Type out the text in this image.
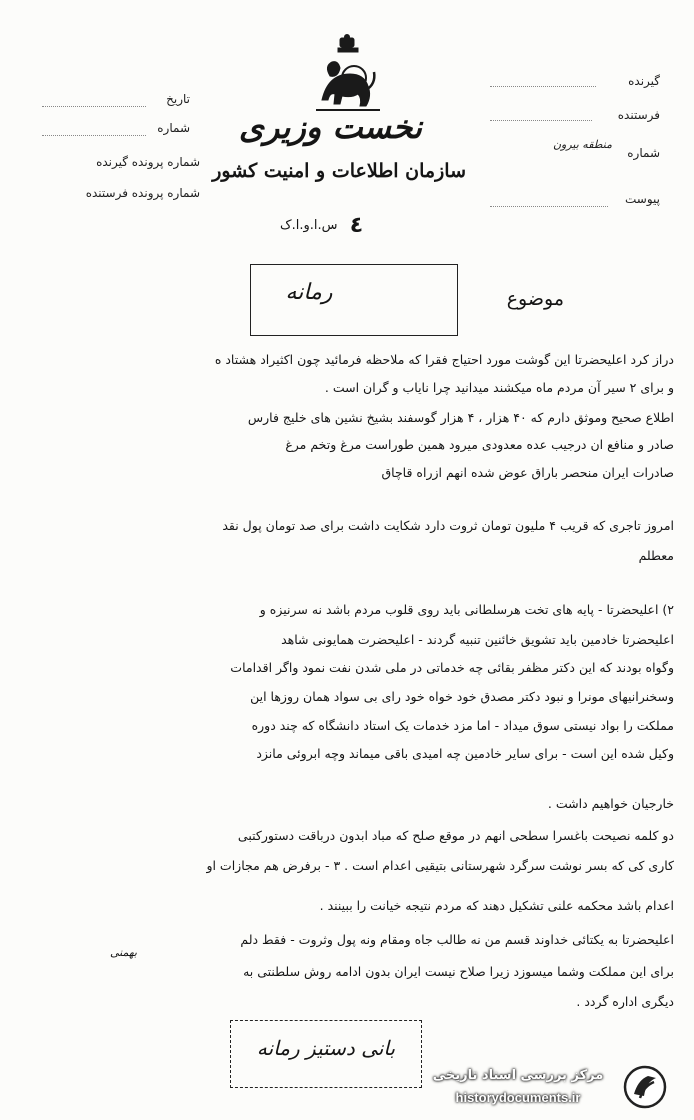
نخست وزیری
سازمان اطلاعات و امنیت کشور
٤ س.ا.و.ا.ک
تاریخ
شماره
شماره پرونده گیرنده
شماره پرونده فرستنده
گیرنده
فرستنده
شماره
منطقه بیرون
پیوست
موضوع
رمانه
دراز کرد اعلیحضرتا این گوشت مورد احتیاج فقرا که ملاحظه فرمائید چون اکثیراد هشتاد ه
و برای ۲ سیر آن مردم ماه میکشند میدانید چرا نایاب و گران است .
اطلاع صحیح وموثق دارم که ۴۰ هزار ، ۴ هزار گوسفند بشیخ نشین های خلیج فارس
صادر و منافع ان درجیب عده معدودی میرود همین طوراست مرغ وتخم مرغ
صادرات ایران منحصر باراق عوض شده انهم ازراه قاچاق
امروز تاجری که قریب ۴ ملیون تومان ثروت دارد شکایت داشت برای صد تومان پول نقد
معطلم
۲) اعلیحضرتا - پایه های تخت هرسلطانی باید روی قلوب مردم باشد نه سرنیزه و
اعلیحضرتا خادمین باید تشویق خائنین تنبیه گردند - اعلیحضرت همایونی شاهد
وگواه بودند که این دکتر مظفر بقائی چه خدماتی در ملی شدن نفت نمود واگر اقدامات
وسخنرانیهای مونرا و نبود دکتر مصدق خود خواه خود رای بی سواد همان روزها این
مملکت را بواد نیستی سوق میداد - اما مزد خدمات یک استاد دانشگاه که چند دوره
وکیل شده این است - برای سایر خادمین چه امیدی باقی میماند وچه ابروئی مانزد
خارجیان خواهیم داشت .
دو کلمه نصیحت باغسرا سطحی انهم در موقع صلح که مباد ابدون درباقت دستورکتبی
کاری کی که بسر نوشت سرگرد شهرستانی بتیقیی اعدام است . ۳ - برفرض هم مجازات او
اعدام باشد محکمه علنی تشکیل دهند که مردم نتیجه خیانت را ببینند .
اعلیحضرتا به یکتائی خداوند قسم من نه طالب جاه ومقام ونه پول وثروت - فقط دلم
برای این مملکت وشما میسوزد زیرا صلاح نیست ایران بدون ادامه روش سلطنتی به
دیگری اداره گردد .
بهمنی
بانی دستیز رمانه
مرکز بررسی اسناد تاریخی
historydocuments.ir
